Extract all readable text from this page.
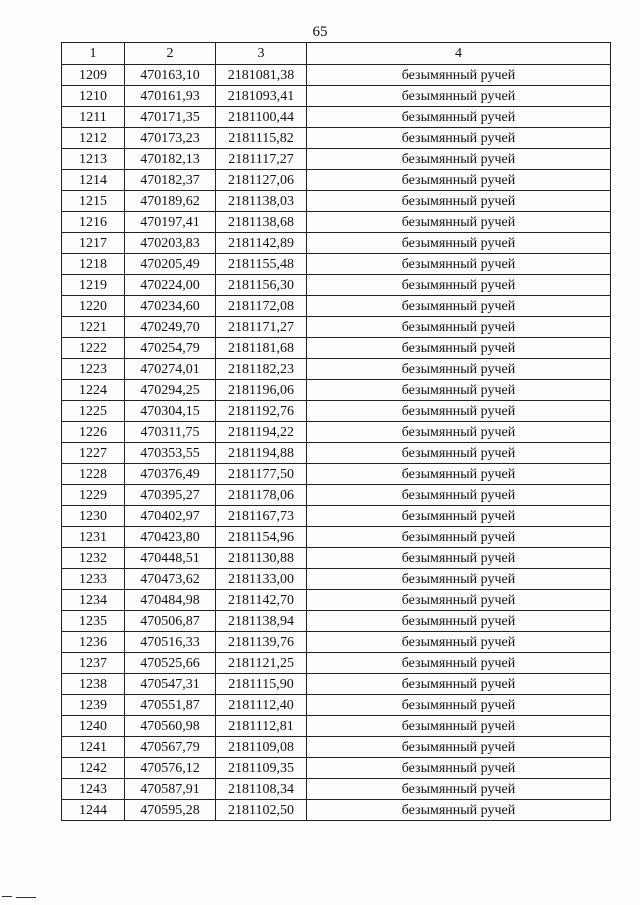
65
1	2	3	4
1209	470163,10	2181081,38	безымянный ручей
1210	470161,93	2181093,41	безымянный ручей
1211	470171,35	2181100,44	безымянный ручей
1212	470173,23	2181115,82	безымянный ручей
1213	470182,13	2181117,27	безымянный ручей
1214	470182,37	2181127,06	безымянный ручей
1215	470189,62	2181138,03	безымянный ручей
1216	470197,41	2181138,68	безымянный ручей
1217	470203,83	2181142,89	безымянный ручей
1218	470205,49	2181155,48	безымянный ручей
1219	470224,00	2181156,30	безымянный ручей
1220	470234,60	2181172,08	безымянный ручей
1221	470249,70	2181171,27	безымянный ручей
1222	470254,79	2181181,68	безымянный ручей
1223	470274,01	2181182,23	безымянный ручей
1224	470294,25	2181196,06	безымянный ручей
1225	470304,15	2181192,76	безымянный ручей
1226	470311,75	2181194,22	безымянный ручей
1227	470353,55	2181194,88	безымянный ручей
1228	470376,49	2181177,50	безымянный ручей
1229	470395,27	2181178,06	безымянный ручей
1230	470402,97	2181167,73	безымянный ручей
1231	470423,80	2181154,96	безымянный ручей
1232	470448,51	2181130,88	безымянный ручей
1233	470473,62	2181133,00	безымянный ручей
1234	470484,98	2181142,70	безымянный ручей
1235	470506,87	2181138,94	безымянный ручей
1236	470516,33	2181139,76	безымянный ручей
1237	470525,66	2181121,25	безымянный ручей
1238	470547,31	2181115,90	безымянный ручей
1239	470551,87	2181112,40	безымянный ручей
1240	470560,98	2181112,81	безымянный ручей
1241	470567,79	2181109,08	безымянный ручей
1242	470576,12	2181109,35	безымянный ручей
1243	470587,91	2181108,34	безымянный ручей
1244	470595,28	2181102,50	безымянный ручей
